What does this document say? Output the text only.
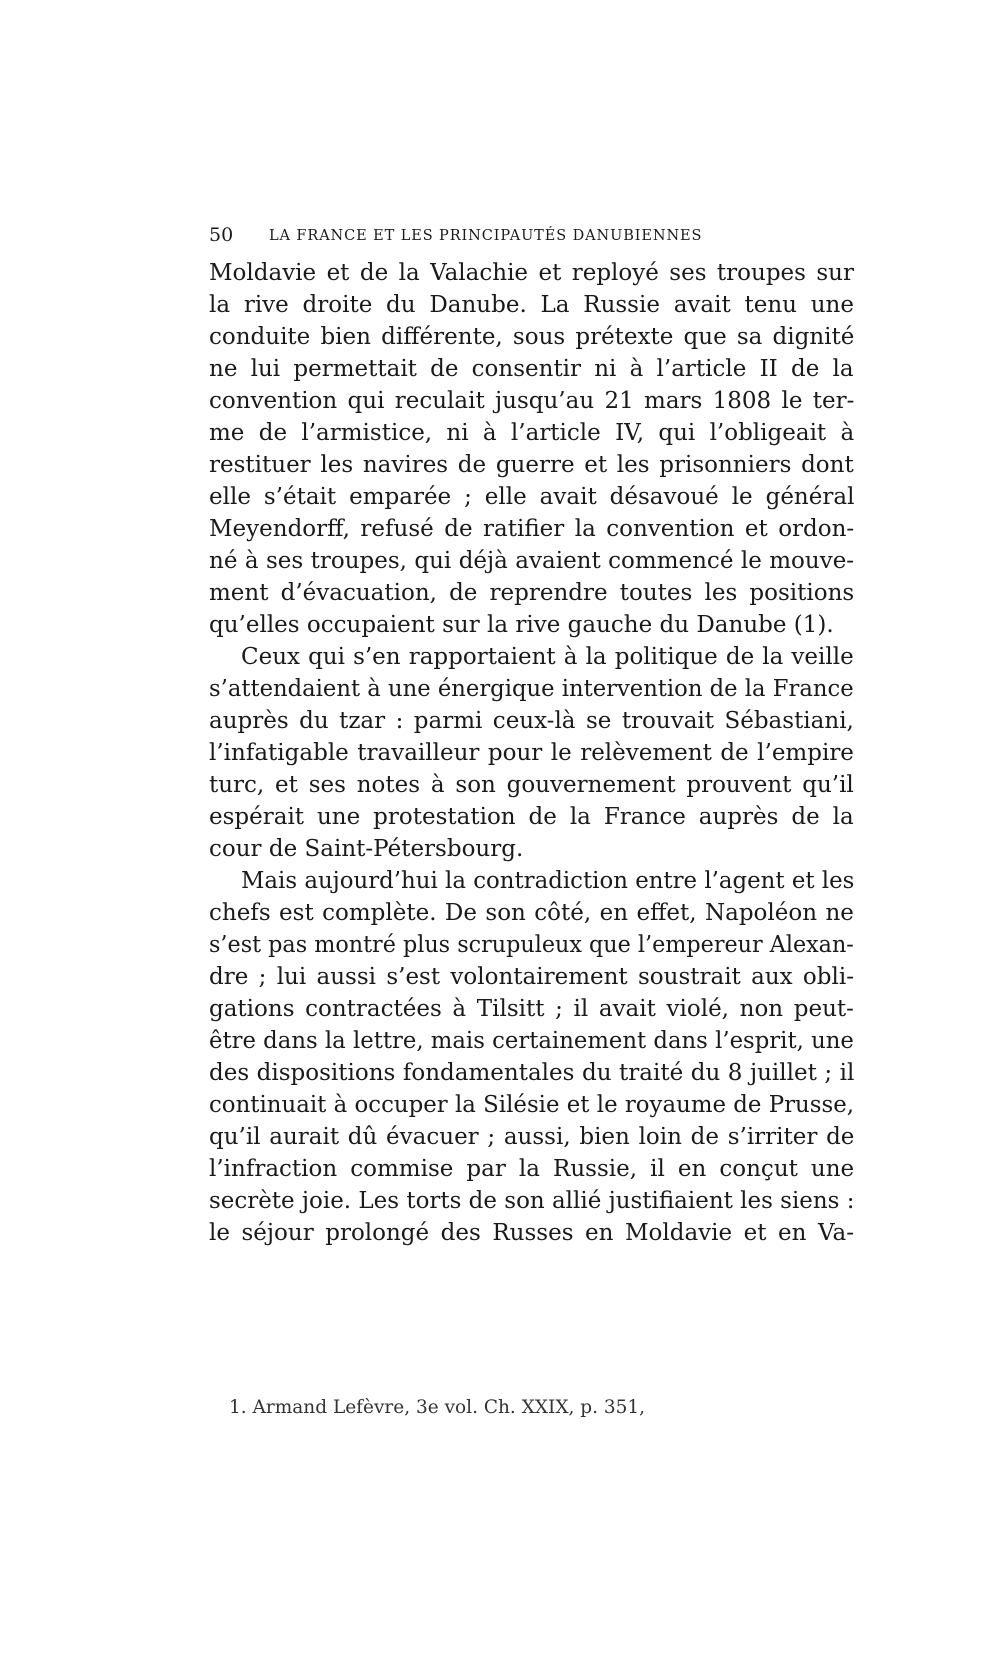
50 LA FRANCE ET LES PRINCIPAUTÉS DANUBIENNES
Moldavie et de la Valachie et reployé ses troupes sur
la rive droite du Danube. La Russie avait tenu une
conduite bien différente, sous prétexte que sa dignité
ne lui permettait de consentir ni à l’article II de la
convention qui reculait jusqu’au 21 mars 1808 le ter-
me de l’armistice, ni à l’article IV, qui l’obligeait à
restituer les navires de guerre et les prisonniers dont
elle s’était emparée ; elle avait désavoué le général
Meyendorff, refusé de ratifier la convention et ordon-
né à ses troupes, qui déjà avaient commencé le mouve-
ment d’évacuation, de reprendre toutes les positions
qu’elles occupaient sur la rive gauche du Danube (1).
Ceux qui s’en rapportaient à la politique de la veille
s’attendaient à une énergique intervention de la France
auprès du tzar : parmi ceux-là se trouvait Sébastiani,
l’infatigable travailleur pour le relèvement de l’empire
turc, et ses notes à son gouvernement prouvent qu’il
espérait une protestation de la France auprès de la
cour de Saint-Pétersbourg.
Mais aujourd’hui la contradiction entre l’agent et les
chefs est complète. De son côté, en effet, Napoléon ne
s’est pas montré plus scrupuleux que l’empereur Alexan-
dre ; lui aussi s’est volontairement soustrait aux obli-
gations contractées à Tilsitt ; il avait violé, non peut-
être dans la lettre, mais certainement dans l’esprit, une
des dispositions fondamentales du traité du 8 juillet ; il
continuait à occuper la Silésie et le royaume de Prusse,
qu’il aurait dû évacuer ; aussi, bien loin de s’irriter de
l’infraction commise par la Russie, il en conçut une
secrète joie. Les torts de son allié justifiaient les siens :
le séjour prolongé des Russes en Moldavie et en Va-
1. Armand Lefèvre, 3e vol. Ch. XXIX, p. 351,
